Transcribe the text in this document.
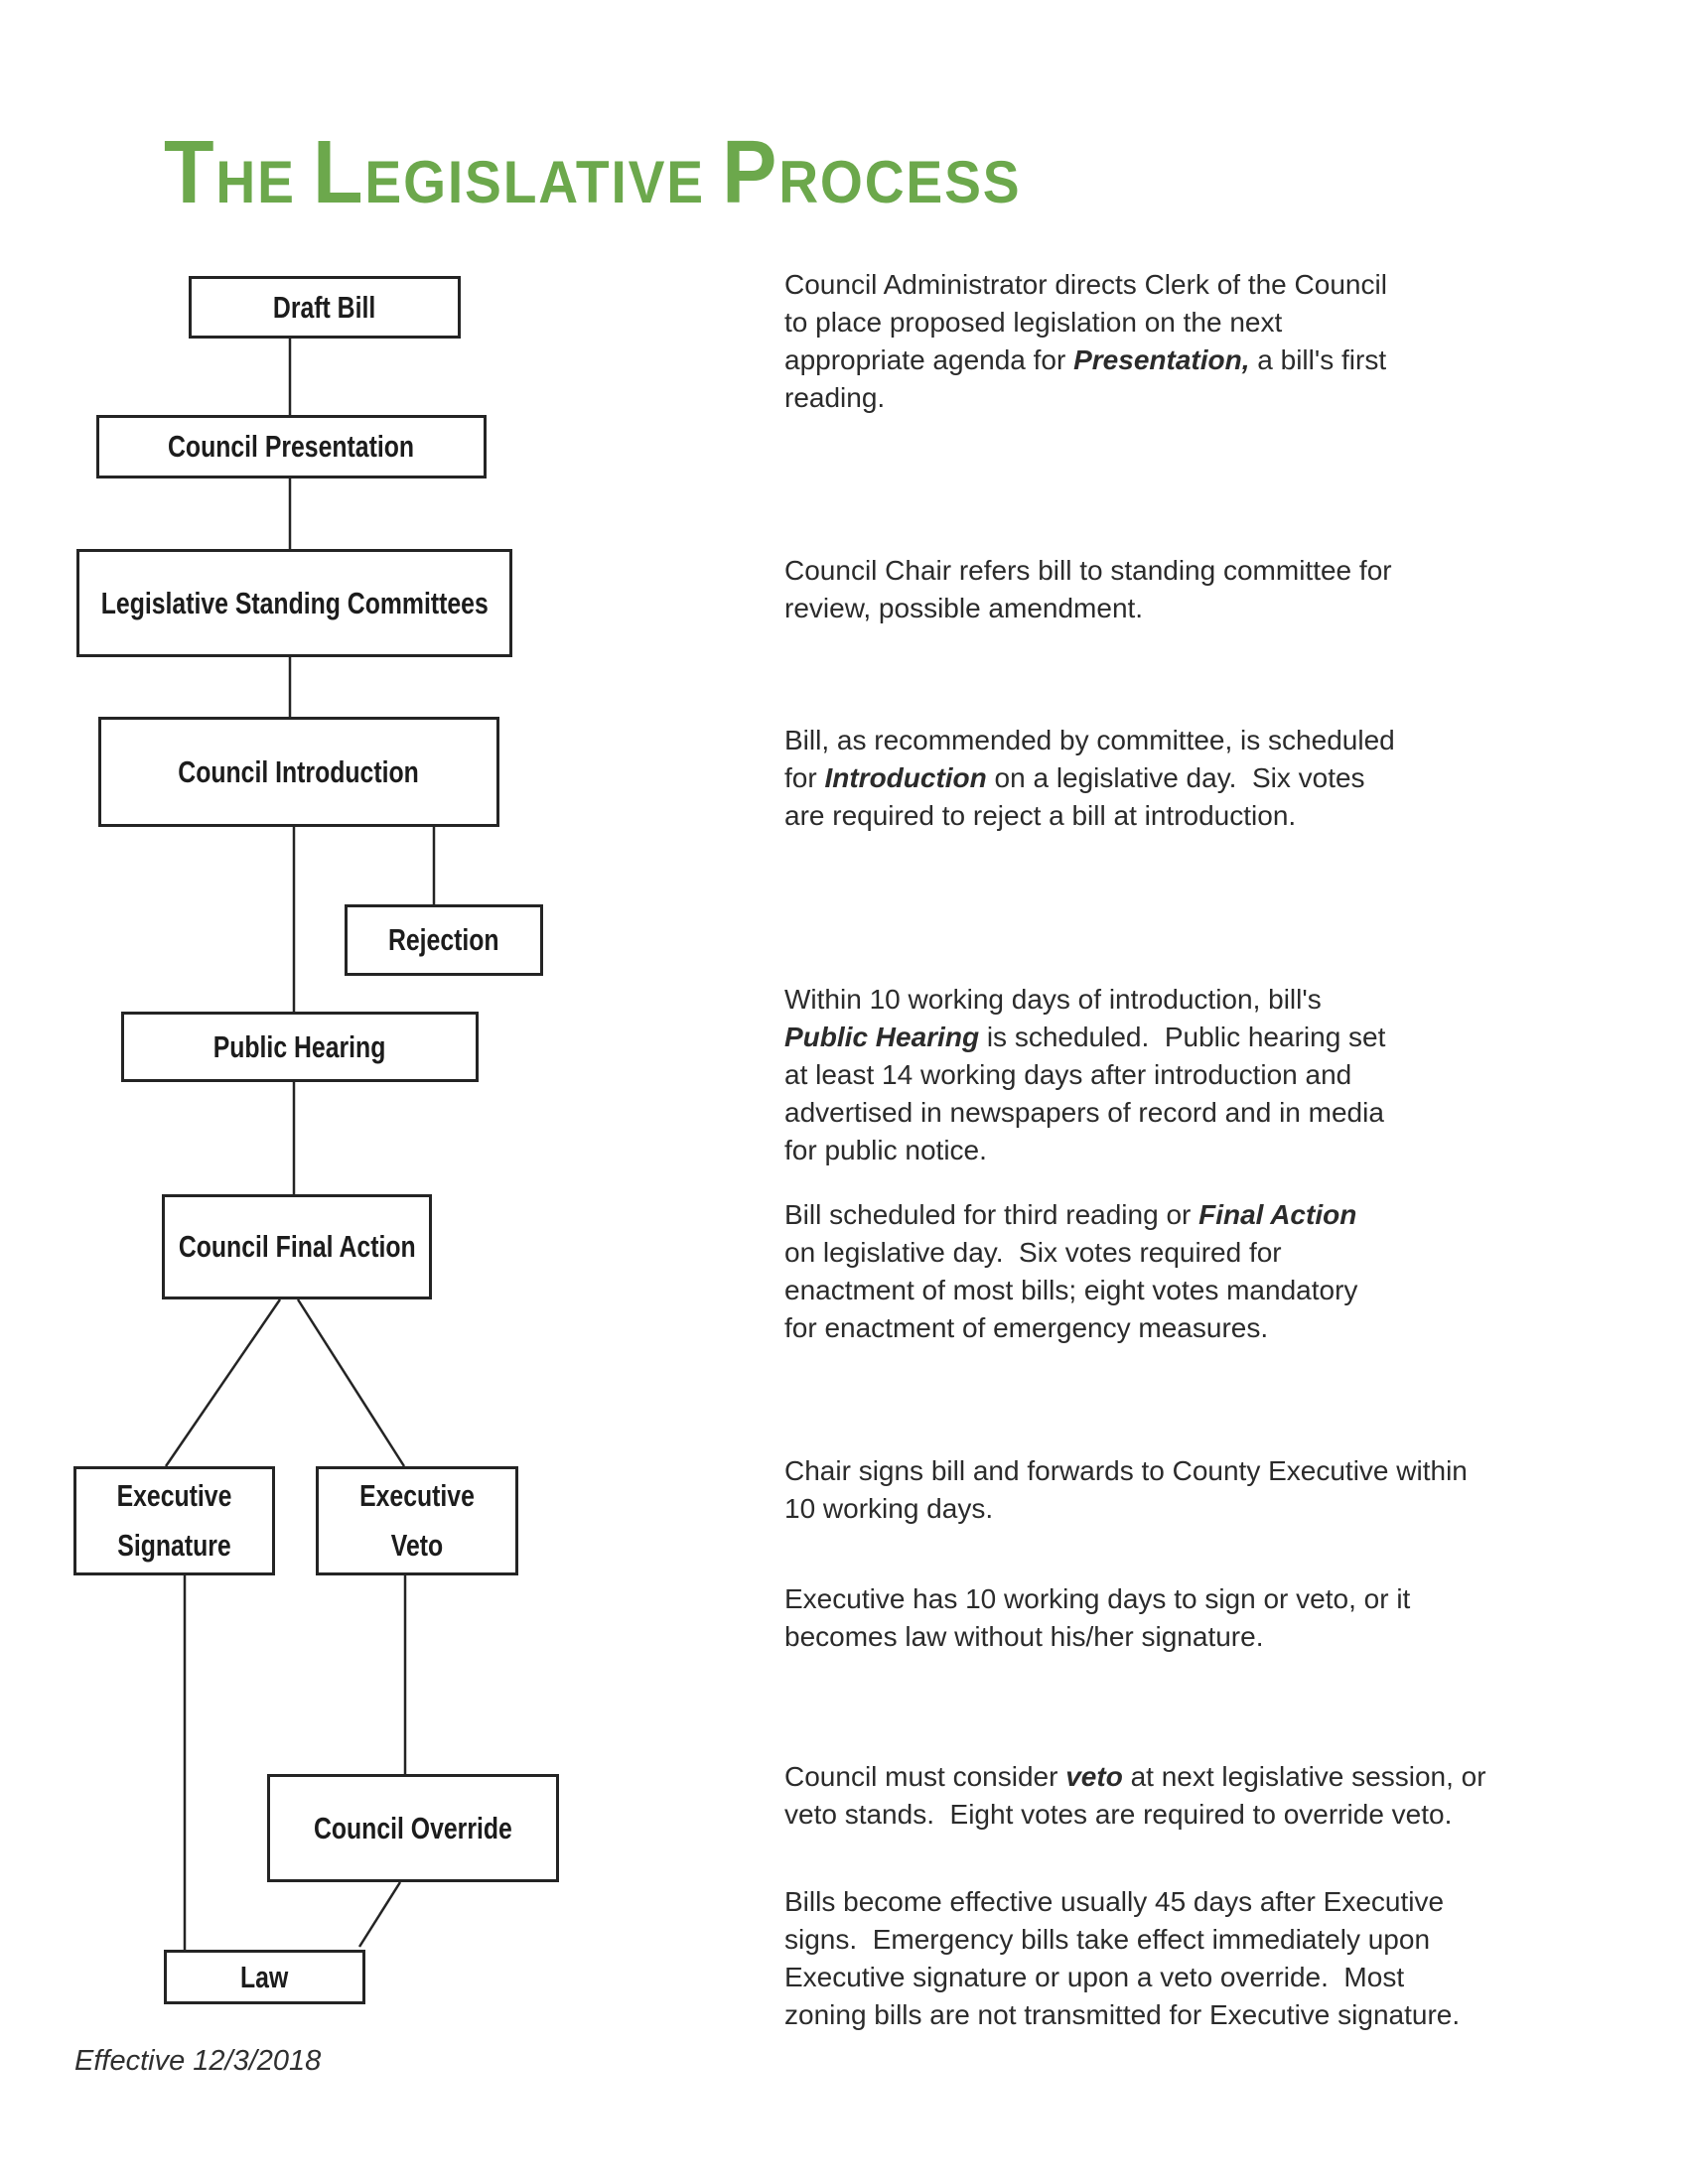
THE LEGISLATIVE PROCESS
Draft Bill
Council Presentation
Legislative Standing Committees
Council Introduction
Rejection
Public Hearing
Council Final Action
Executive Signature
Executive Veto
Council Override
Law
Council Administrator directs Clerk of the Council
to place proposed legislation on the next
appropriate agenda for Presentation, a bill's first
reading.
Council Chair refers bill to standing committee for
review, possible amendment.
Bill, as recommended by committee, is scheduled
for Introduction on a legislative day.  Six votes
are required to reject a bill at introduction.
Within 10 working days of introduction, bill's
Public Hearing is scheduled.  Public hearing set
at least 14 working days after introduction and
advertised in newspapers of record and in media
for public notice.
Bill scheduled for third reading or Final Action
on legislative day.  Six votes required for
enactment of most bills; eight votes mandatory
for enactment of emergency measures.
Chair signs bill and forwards to County Executive within
10 working days.
Executive has 10 working days to sign or veto, or it
becomes law without his/her signature.
Council must consider veto at next legislative session, or
veto stands.  Eight votes are required to override veto.
Bills become effective usually 45 days after Executive
signs.  Emergency bills take effect immediately upon
Executive signature or upon a veto override.  Most
zoning bills are not transmitted for Executive signature.
Effective 12/3/2018
